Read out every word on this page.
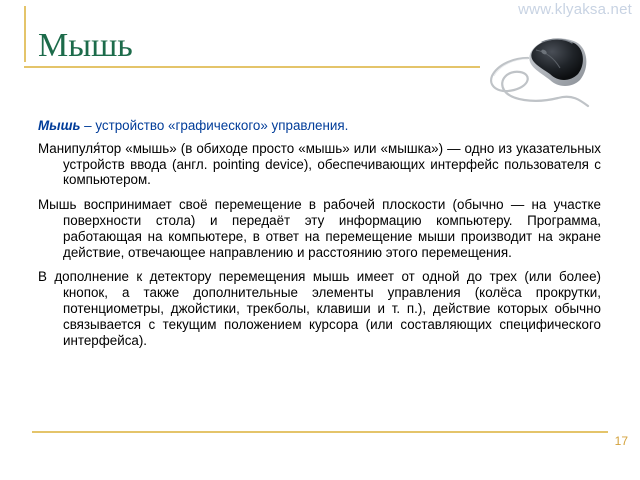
www.klyaksa.net
Мышь

Мышь – устройство «графического» управления.

Манипуля́тор «мышь» (в обиходе просто «мышь» или «мышка») — одно из указательных устройств ввода (англ. pointing device), обеспечивающих интерфейс пользователя с компьютером.

Мышь воспринимает своё перемещение в рабочей плоскости (обычно — на участке поверхности стола) и передаёт эту информацию компьютеру. Программа, работающая на компьютере, в ответ на перемещение мыши производит на экране действие, отвечающее направлению и расстоянию этого перемещения.

В дополнение к детектору перемещения мышь имеет от одной до трех (или более) кнопок, а также дополнительные элементы управления (колёса прокрутки, потенциометры, джойстики, трекболы, клавиши и т. п.), действие которых обычно связывается с текущим положением курсора (или составляющих специфического интерфейса).

17
